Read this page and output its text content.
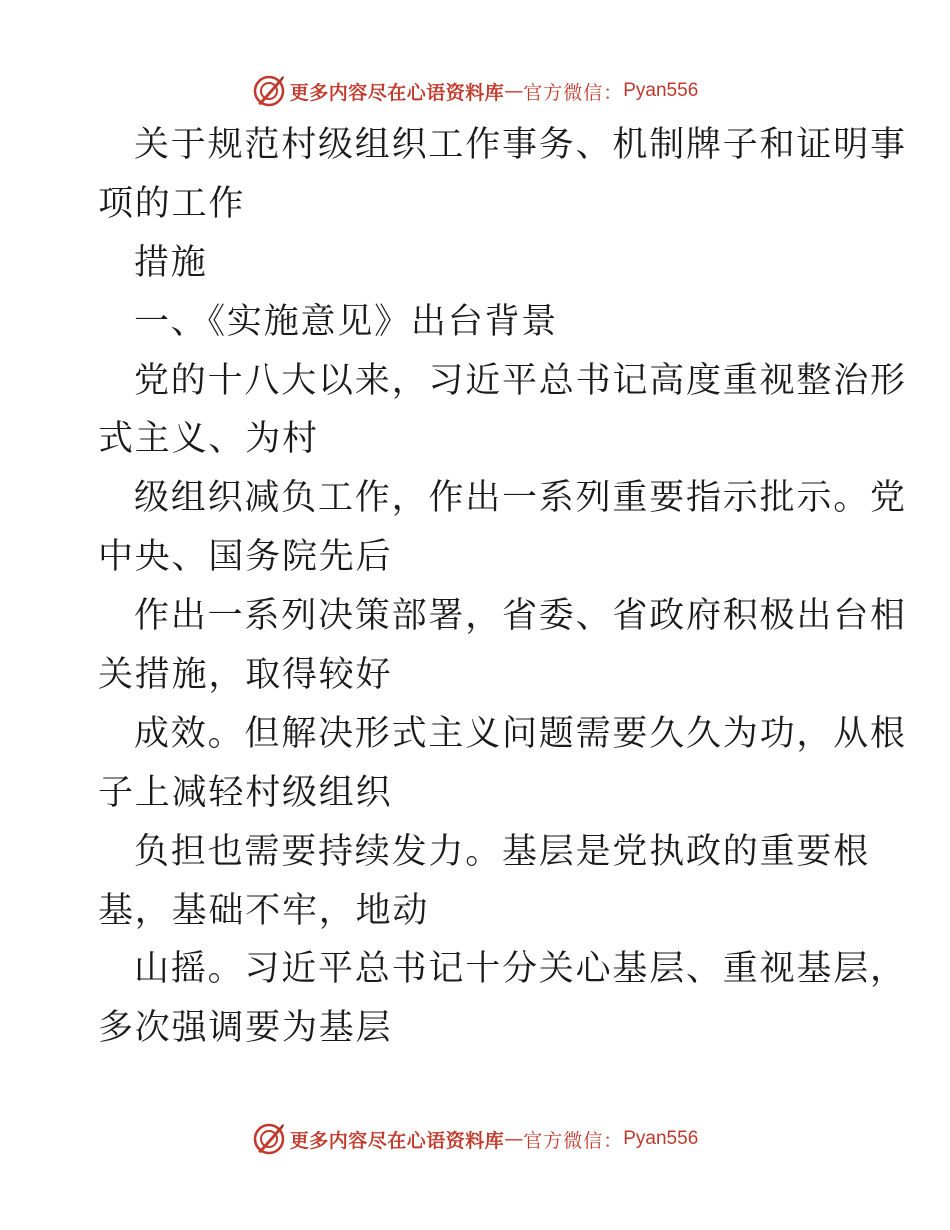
更多内容尽在心语资料库 — 官方微信： Pyan556
关于规范村级组织工作事务、机制牌子和证明事
项的工作
措施
一、《实施意见》出台背景
党的十八大以来，习近平总书记高度重视整治形
式主义、为村
级组织减负工作，作出一系列重要指示批示。党
中央、国务院先后
作出一系列决策部署，省委、省政府积极出台相
关措施，取得较好
成效。但解决形式主义问题需要久久为功，从根
子上减轻村级组织
负担也需要持续发力。基层是党执政的重要根
基，基础不牢，地动
山摇。习近平总书记十分关心基层、重视基层，
多次强调要为基层
更多内容尽在心语资料库 — 官方微信： Pyan556
